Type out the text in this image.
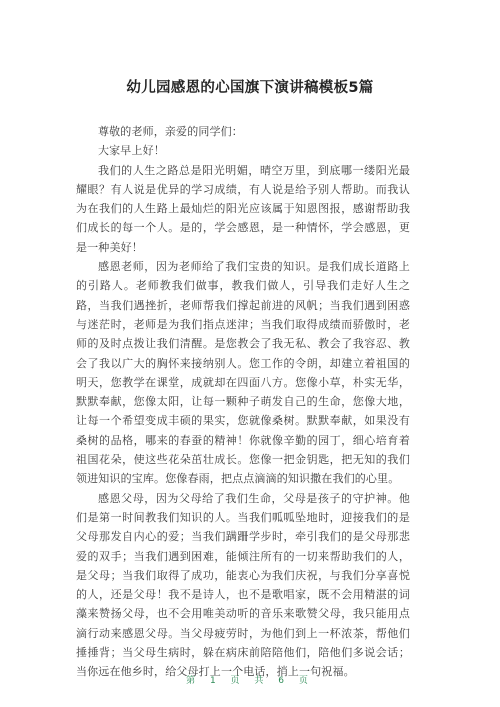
幼儿园感恩的心国旗下演讲稿模板5篇

尊敬的老师，亲爱的同学们：

大家早上好！

我们的人生之路总是阳光明媚，晴空万里，到底哪一缕阳光最耀眼？有人说是优异的学习成绩，有人说是给予别人帮助。而我认为在我们的人生路上最灿烂的阳光应该属于知恩图报，感谢帮助我们成长的每一个人。是的，学会感恩，是一种情怀，学会感恩，更是一种美好！

感恩老师，因为老师给了我们宝贵的知识。是我们成长道路上的引路人。老师教我们做事，教我们做人，引导我们走好人生之路，当我们遇挫折，老师帮我们撑起前进的风帆；当我们遇到困惑与迷茫时，老师是为我们指点迷津；当我们取得成绩而骄傲时，老师的及时点拨让我们清醒。是您教会了我无私、教会了我容忍、教会了我以广大的胸怀来接纳别人。您工作的令朗，却建立着祖国的明天，您教学在课堂，成就却在四面八方。您像小草，朴实无华，默默奉献，您像太阳，让每一颗种子萌发自己的生命，您像大地，让每一个希望变成丰硕的果实，您就像桑树。默默奉献，如果没有桑树的品格，哪来的春蚕的精神！你就像辛勤的园丁，细心培育着祖国花朵，使这些花朵茁壮成长。您像一把金钥匙，把无知的我们领进知识的宝库。您像春雨，把点点滴滴的知识撒在我们的心里。

感恩父母，因为父母给了我们生命，父母是孩子的守护神。他们是第一时间教我们知识的人。当我们呱呱坠地时，迎接我们的是父母那发自内心的爱；当我们蹒跚学步时，牵引我们的是父母那悲爱的双手；当我们遇到困难，能倾注所有的一切来帮助我们的人，是父母；当我们取得了成功，能衷心为我们庆祝，与我们分享喜悦的人，还是父母！我不是诗人，也不是歌唱家，既不会用精湛的词藻来赞扬父母，也不会用唯美动听的音乐来歌赞父母，我只能用点滴行动来感恩父母。当父母疲劳时，为他们到上一杯浓茶，帮他们捶捶背；当父母生病时，躲在病床前陪陪他们，陪他们多说会话；当你远在他乡时，给父母打上一个电话，捎上一句祝福。

第 1 页 共 6 页
